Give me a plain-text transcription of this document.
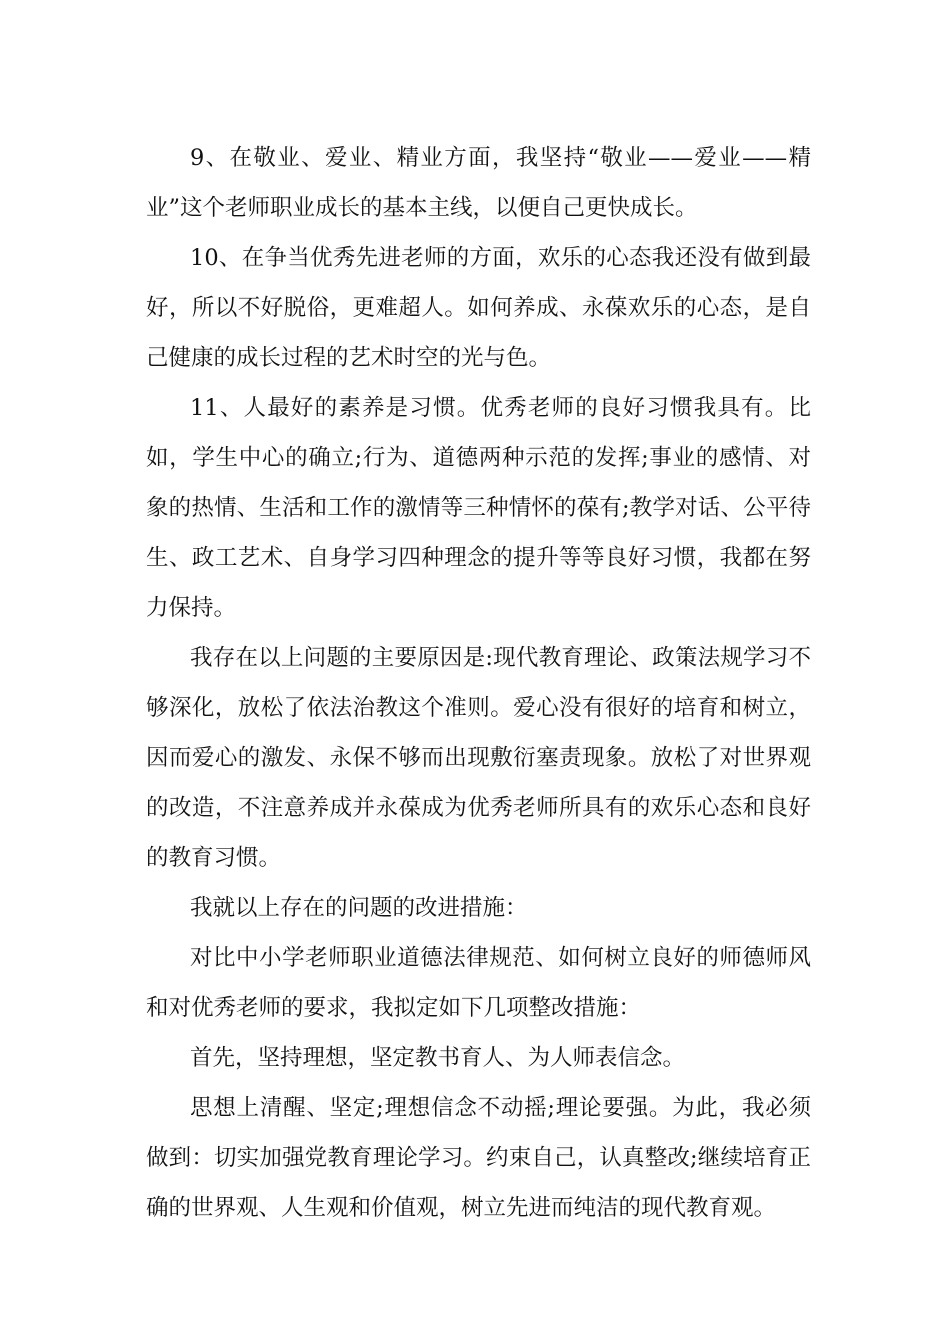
9、在敬业、爱业、精业方面，我坚持“敬业——爱业——精业”这个老师职业成长的基本主线，以便自己更快成长。

10、在争当优秀先进老师的方面，欢乐的心态我还没有做到最好，所以不好脱俗，更难超人。如何养成、永葆欢乐的心态，是自己健康的成长过程的艺术时空的光与色。

11、人最好的素养是习惯。优秀老师的良好习惯我具有。比如，学生中心的确立;行为、道德两种示范的发挥;事业的感情、对象的热情、生活和工作的激情等三种情怀的葆有;教学对话、公平待生、政工艺术、自身学习四种理念的提升等等良好习惯，我都在努力保持。

我存在以上问题的主要原因是:现代教育理论、政策法规学习不够深化，放松了依法治教这个准则。爱心没有很好的培育和树立，因而爱心的激发、永保不够而出现敷衍塞责现象。放松了对世界观的改造，不注意养成并永葆成为优秀老师所具有的欢乐心态和良好的教育习惯。

我就以上存在的问题的改进措施：

对比中小学老师职业道德法律规范、如何树立良好的师德师风和对优秀老师的要求，我拟定如下几项整改措施：

首先，坚持理想，坚定教书育人、为人师表信念。

思想上清醒、坚定;理想信念不动摇;理论要强。为此，我必须做到：切实加强党教育理论学习。约束自己，认真整改;继续培育正确的世界观、人生观和价值观，树立先进而纯洁的现代教育观。
